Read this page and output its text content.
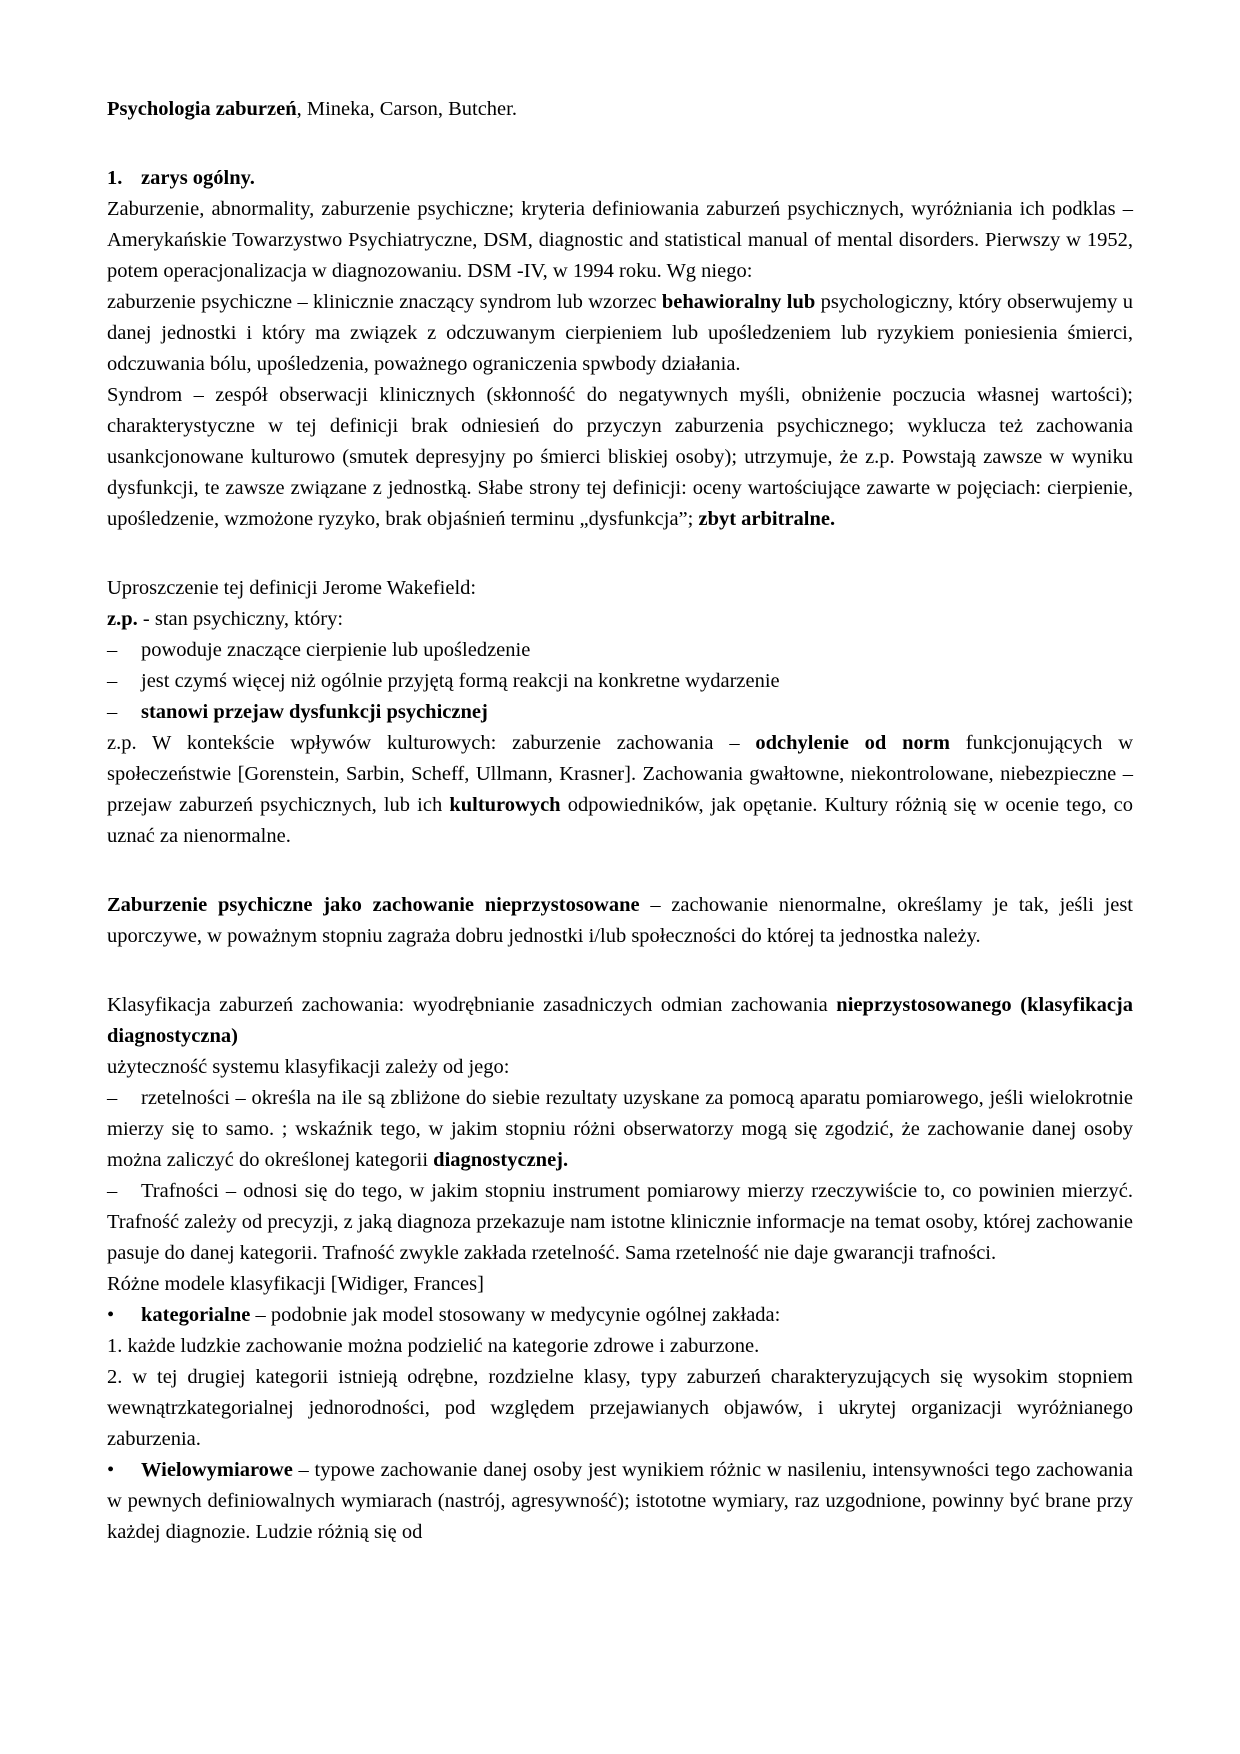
Psychologia zaburzeń, Mineka, Carson, Butcher.
1. zarys ogólny.
Zaburzenie, abnormality, zaburzenie psychiczne; kryteria definiowania zaburzeń psychicznych, wyróżniania ich podklas – Amerykańskie Towarzystwo Psychiatryczne, DSM, diagnostic and statistical manual of mental disorders. Pierwszy w 1952, potem operacjonalizacja w diagnozowaniu. DSM -IV, w 1994 roku. Wg niego:
zaburzenie psychiczne – klinicznie znaczący syndrom lub wzorzec behawioralny lub psychologiczny, który obserwujemy u danej jednostki i który ma związek z odczuwanym cierpieniem lub upośledzeniem lub ryzykiem poniesienia śmierci, odczuwania bólu, upośledzenia, poważnego ograniczenia spwbody działania.
Syndrom – zespół obserwacji klinicznych (skłonność do negatywnych myśli, obniżenie poczucia własnej wartości); charakterystyczne w tej definicji brak odniesień do przyczyn zaburzenia psychicznego; wyklucza też zachowania usankcjonowane kulturowo (smutek depresyjny po śmierci bliskiej osoby); utrzymuje, że z.p. Powstają zawsze w wyniku dysfunkcji, te zawsze związane z jednostką. Słabe strony tej definicji: oceny wartościujące zawarte w pojęciach: cierpienie, upośledzenie, wzmożone ryzyko, brak objaśnień terminu „dysfunkcja”; zbyt arbitralne.
Uproszczenie tej definicji Jerome Wakefield:
z.p. - stan psychiczny, który:
– powoduje znaczące cierpienie lub upośledzenie
– jest czymś więcej niż ogólnie przyjętą formą reakcji na konkretne wydarzenie
– stanowi przejaw dysfunkcji psychicznej
z.p. W kontekście wpływów kulturowych: zaburzenie zachowania – odchylenie od norm funkcjonujących w społeczeństwie [Gorenstein, Sarbin, Scheff, Ullmann, Krasner]. Zachowania gwałtowne, niekontrolowane, niebezpieczne – przejaw zaburzeń psychicznych, lub ich kulturowych odpowiedników, jak opętanie. Kultury różnią się w ocenie tego, co uznać za nienormalne.
Zaburzenie psychiczne jako zachowanie nieprzystosowane – zachowanie nienormalne, określamy je tak, jeśli jest uporczywe, w poważnym stopniu zagraża dobru jednostki i/lub społeczności do której ta jednostka należy.
Klasyfikacja zaburzeń zachowania: wyodrębnianie zasadniczych odmian zachowania nieprzystosowanego (klasyfikacja diagnostyczna)
użyteczność systemu klasyfikacji zależy od jego:
– rzetelności – określa na ile są zbliżone do siebie rezultaty uzyskane za pomocą aparatu pomiarowego, jeśli wielokrotnie mierzy się to samo. ; wskaźnik tego, w jakim stopniu różni obserwatorzy mogą się zgodzić, że zachowanie danej osoby można zaliczyć do określonej kategorii diagnostycznej.
– Trafności – odnosi się do tego, w jakim stopniu instrument pomiarowy mierzy rzeczywiście to, co powinien mierzyć. Trafność zależy od precyzji, z jaką diagnoza przekazuje nam istotne klinicznie informacje na temat osoby, której zachowanie pasuje do danej kategorii. Trafność zwykle zakłada rzetelność. Sama rzetelność nie daje gwarancji trafności.
Różne modele klasyfikacji [Widiger, Frances]
• kategorialne – podobnie jak model stosowany w medycynie ogólnej zakłada:
1. każde ludzkie zachowanie można podzielić na kategorie zdrowe i zaburzone.
2. w tej drugiej kategorii istnieją odrębne, rozdzielne klasy, typy zaburzeń charakteryzujących się wysokim stopniem wewnątrzkategorialnej jednorodności, pod względem przejawianych objawów, i ukrytej organizacji wyróżnianego zaburzenia.
• Wielowymiarowe – typowe zachowanie danej osoby jest wynikiem różnic w nasileniu, intensywności tego zachowania w pewnych definiowalnych wymiarach (nastrój, agresywność); istototne wymiary, raz uzgodnione, powinny być brane przy każdej diagnozie. Ludzie różnią się od
